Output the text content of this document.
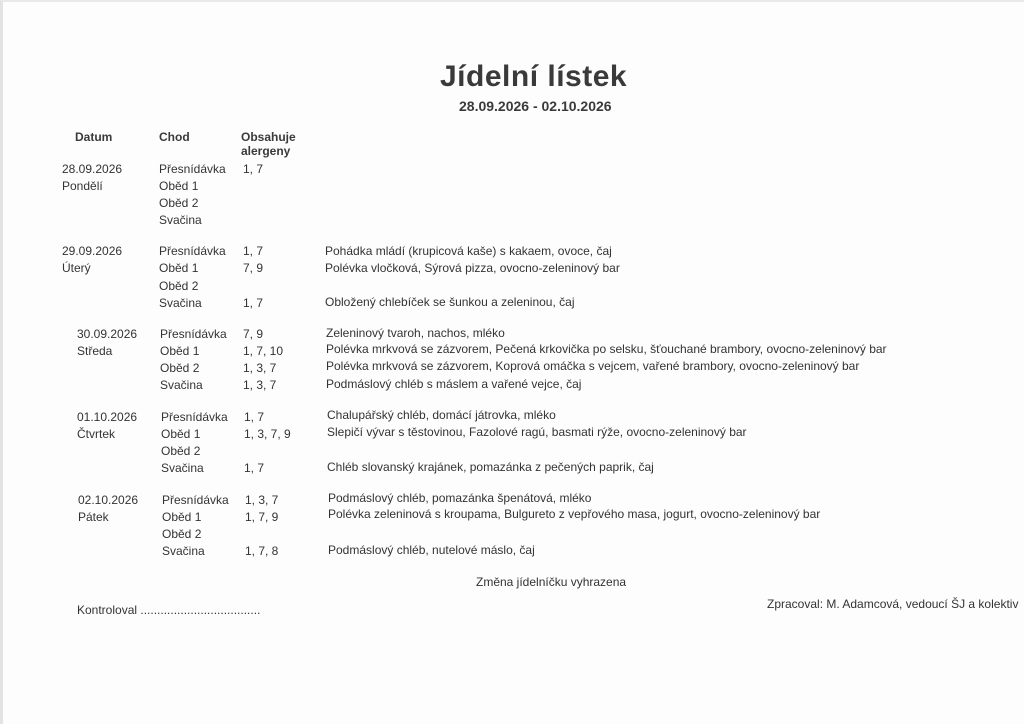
Jídelní lístek
28.09.2026 - 02.10.2026
Datum	Chod	Obsahuje
alergeny
28.09.2026
Pondělí
Přesnídávka 1, 7
Oběd 1
Oběd 2
Svačina
29.09.2026
Úterý
Přesnídávka 1, 7	Pohádka mládí (krupicová kaše) s kakaem, ovoce, čaj
Oběd 1	7, 9	Polévka vločková, Sýrová pizza, ovocno-zeleninový bar
Oběd 2
Svačina	1, 7	Obložený chlebíček se šunkou a zeleninou, čaj
30.09.2026
Středa
Přesnídávka 7, 9	Zeleninový tvaroh, nachos, mléko
Oběd 1	1, 7, 10	Polévka mrkvová se zázvorem, Pečená krkovička po selsku, šťouchané brambory, ovocno-zeleninový bar
Oběd 2	1, 3, 7	Polévka mrkvová se zázvorem, Koprová omáčka s vejcem, vařené brambory, ovocno-zeleninový bar
Svačina	1, 3, 7	Podmáslový chléb s máslem a vařené vejce, čaj
01.10.2026
Čtvrtek
Přesnídávka 1, 7	Chalupářský chléb, domácí játrovka, mléko
Oběd 1	1, 3, 7, 9	Slepičí vývar s těstovinou, Fazolové ragú, basmati rýže, ovocno-zeleninový bar
Oběd 2
Svačina	1, 7	Chléb slovanský krajánek, pomazánka z pečených paprik, čaj
02.10.2026
Pátek
Přesnídávka 1, 3, 7	Podmáslový chléb, pomazánka špenátová, mléko
Oběd 1	1, 7, 9	Polévka zeleninová s kroupama, Bulgureto z vepřového masa, jogurt, ovocno-zeleninový bar
Oběd 2
Svačina	1, 7, 8	Podmáslový chléb, nutelové máslo, čaj
Změna jídelníčku vyhrazena
Kontroloval ....................................	Zpracoval: M. Adamcová, vedoucí ŠJ a kolektiv
